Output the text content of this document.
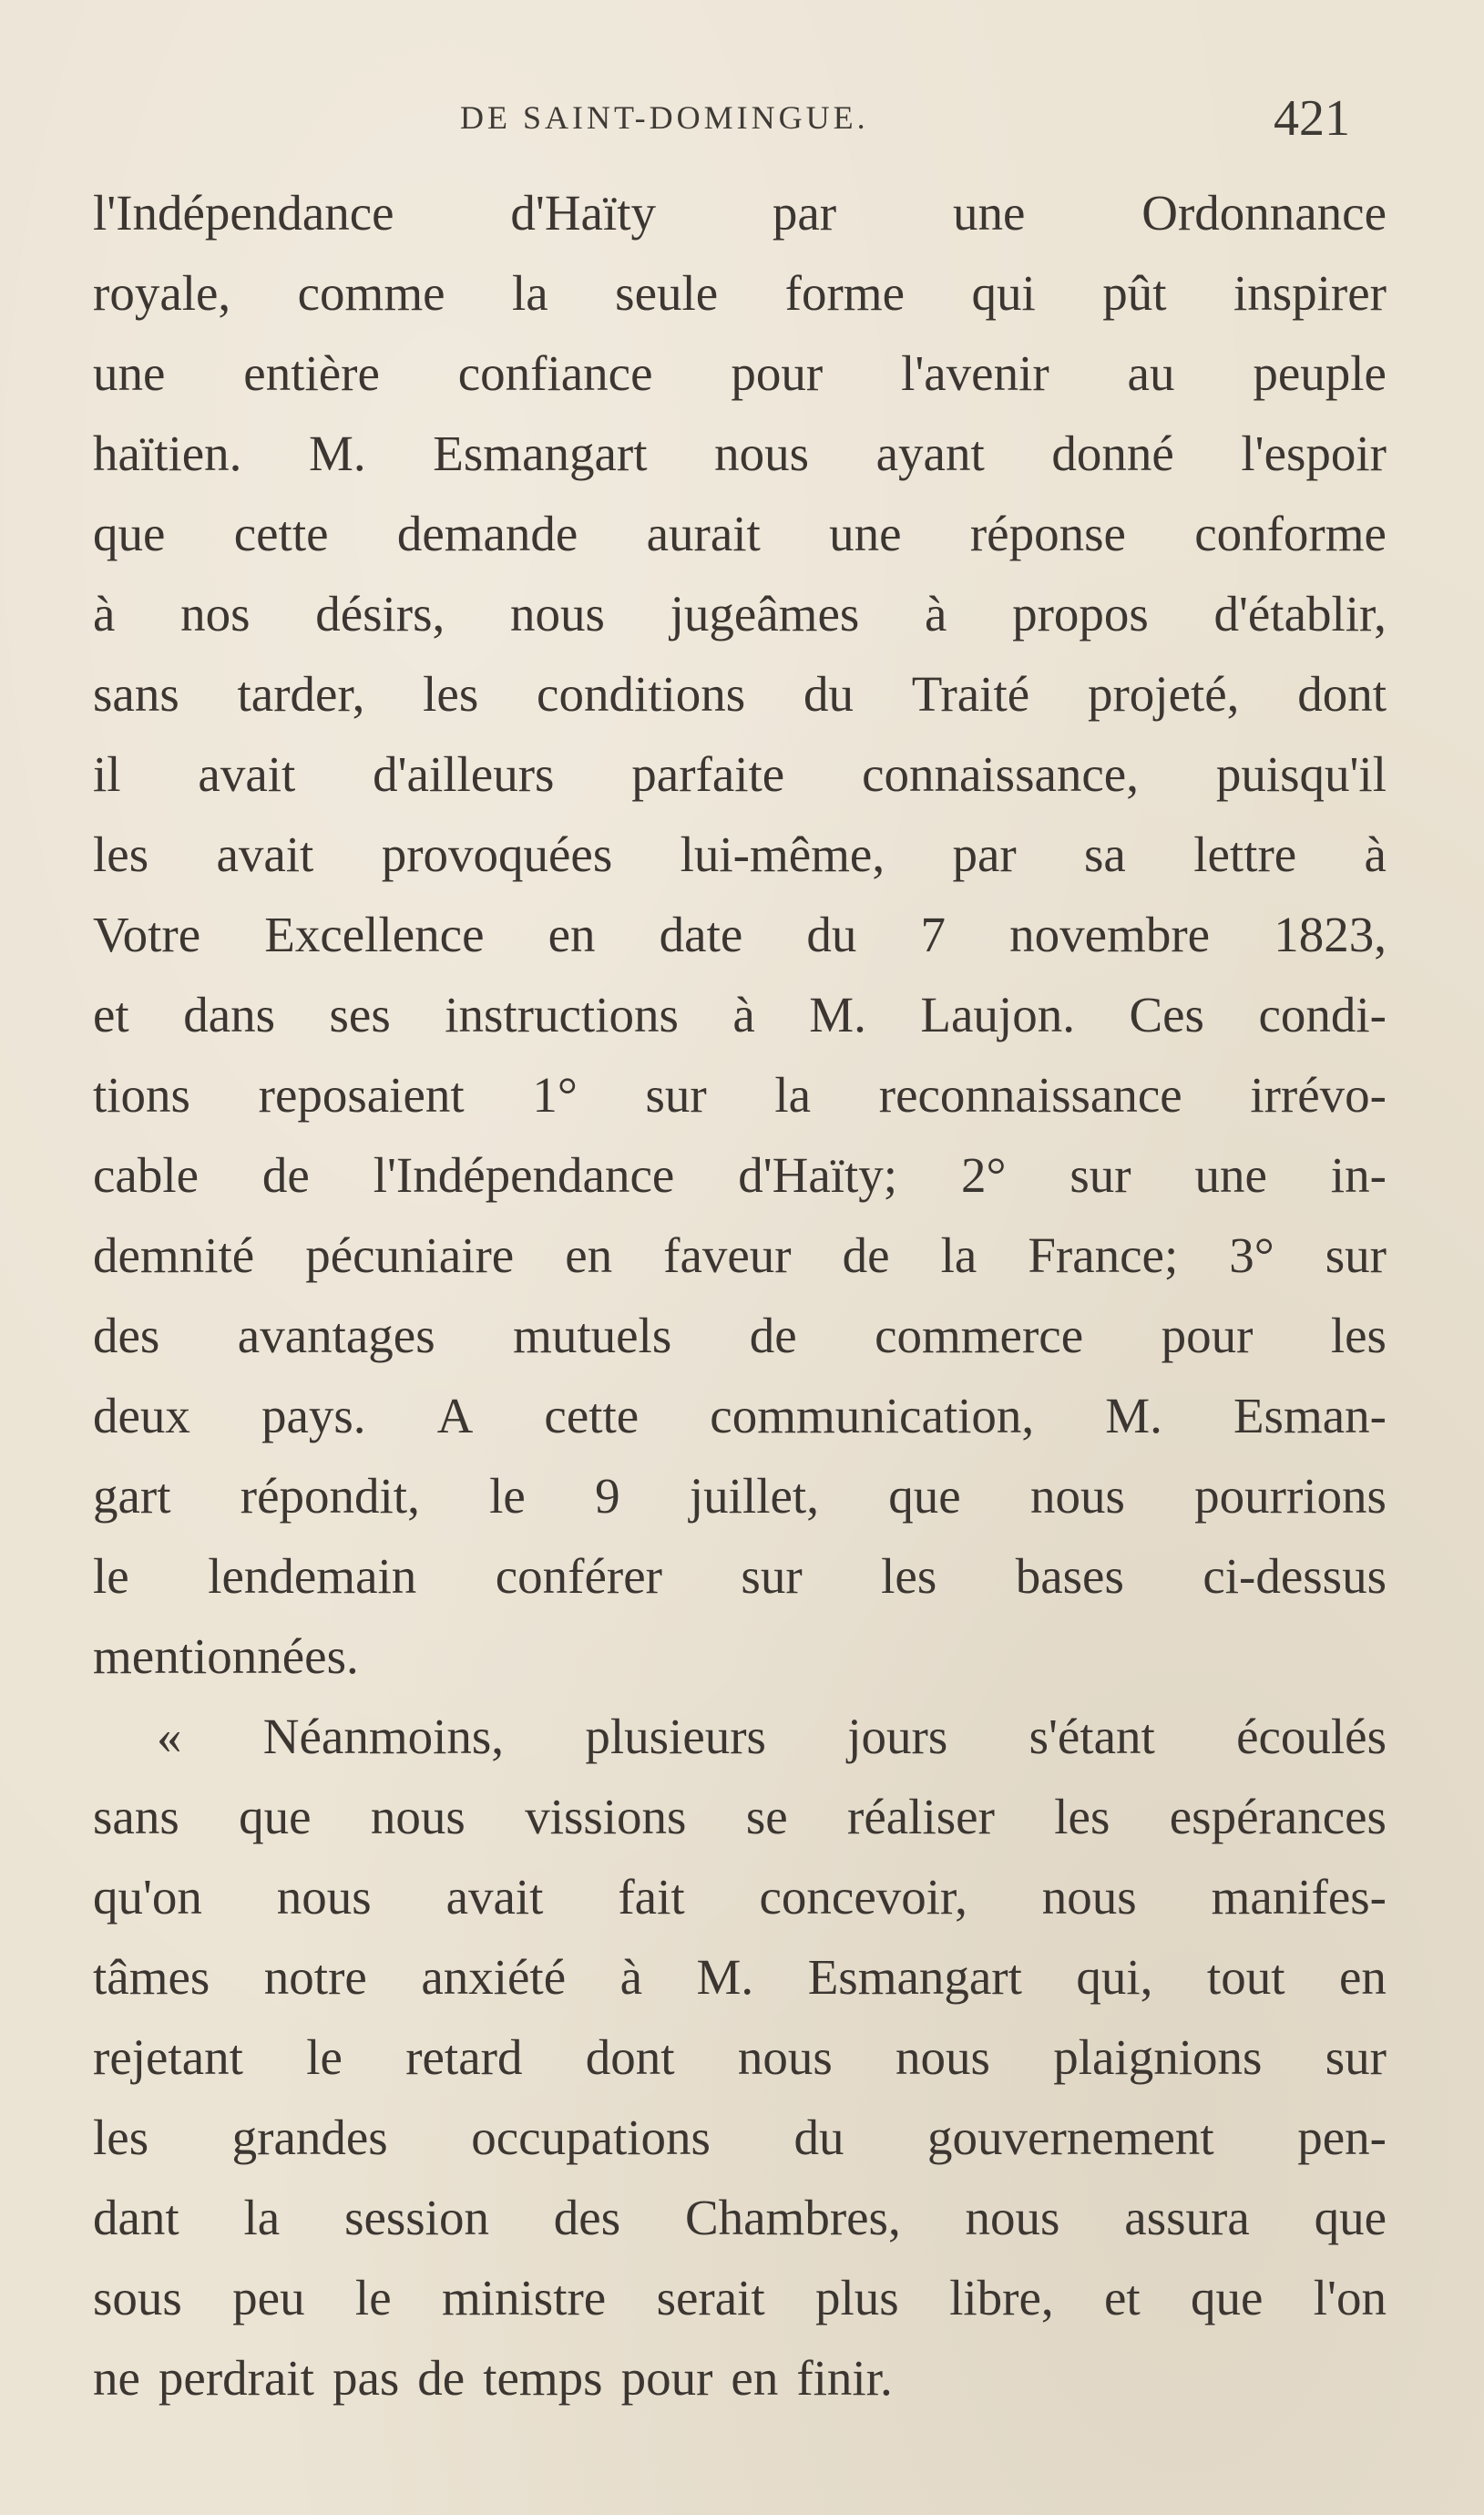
DE SAINT-DOMINGUE.	421
l'Indépendance d'Haïty par une Ordonnance
royale, comme la seule forme qui pût inspirer
une entière confiance pour l'avenir au peuple
haïtien. M. Esmangart nous ayant donné l'espoir
que cette demande aurait une réponse conforme
à nos désirs, nous jugeâmes à propos d'établir,
sans tarder, les conditions du Traité projeté, dont
il avait d'ailleurs parfaite connaissance, puisqu'il
les avait provoquées lui-même, par sa lettre à
Votre Excellence en date du 7 novembre 1823,
et dans ses instructions à M. Laujon. Ces condi-
tions reposaient 1° sur la reconnaissance irrévo-
cable de l'Indépendance d'Haïty; 2° sur une in-
demnité pécuniaire en faveur de la France; 3° sur
des avantages mutuels de commerce pour les
deux pays. A cette communication, M. Esman-
gart répondit, le 9 juillet, que nous pourrions
le lendemain conférer sur les bases ci-dessus
mentionnées.
« Néanmoins, plusieurs jours s'étant écoulés
sans que nous vissions se réaliser les espérances
qu'on nous avait fait concevoir, nous manifes-
tâmes notre anxiété à M. Esmangart qui, tout en
rejetant le retard dont nous nous plaignions sur
les grandes occupations du gouvernement pen-
dant la session des Chambres, nous assura que
sous peu le ministre serait plus libre, et que l'on
ne perdrait pas de temps pour en finir.
